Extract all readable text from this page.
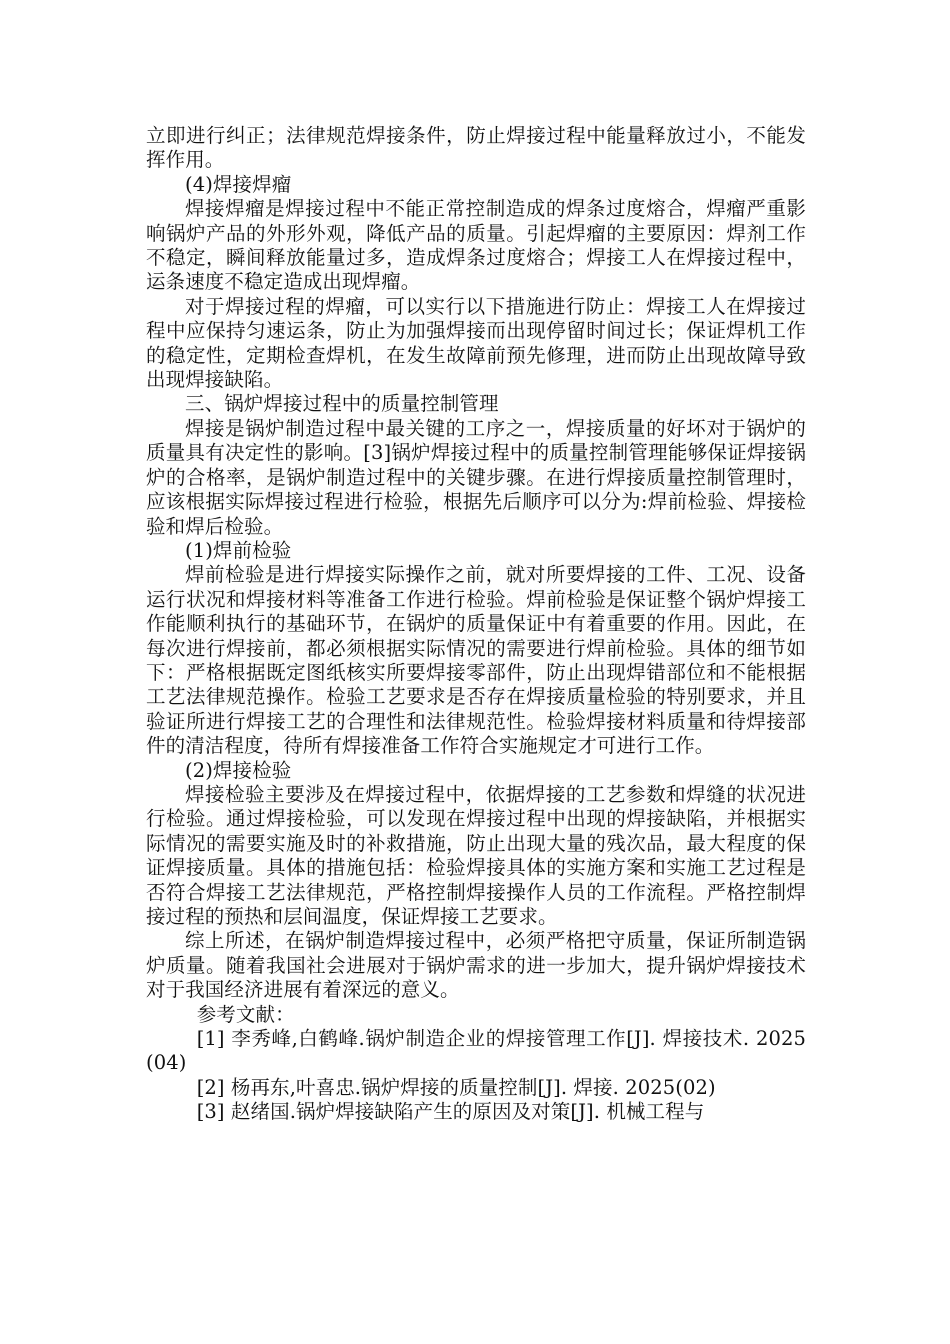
立即进行纠正；法律规范焊接条件，防止焊接过程中能量释放过小，不能发挥作用。

(4)焊接焊瘤

焊接焊瘤是焊接过程中不能正常控制造成的焊条过度熔合，焊瘤严重影响锅炉产品的外形外观，降低产品的质量。引起焊瘤的主要原因：焊剂工作不稳定，瞬间释放能量过多，造成焊条过度熔合；焊接工人在焊接过程中，运条速度不稳定造成出现焊瘤。

对于焊接过程的焊瘤，可以实行以下措施进行防止：焊接工人在焊接过程中应保持匀速运条，防止为加强焊接而出现停留时间过长；保证焊机工作的稳定性，定期检查焊机，在发生故障前预先修理，进而防止出现故障导致出现焊接缺陷。

三、锅炉焊接过程中的质量控制管理

焊接是锅炉制造过程中最关键的工序之一，焊接质量的好坏对于锅炉的质量具有决定性的影响。[3]锅炉焊接过程中的质量控制管理能够保证焊接锅炉的合格率，是锅炉制造过程中的关键步骤。在进行焊接质量控制管理时，应该根据实际焊接过程进行检验，根据先后顺序可以分为:焊前检验、焊接检验和焊后检验。

(1)焊前检验

焊前检验是进行焊接实际操作之前，就对所要焊接的工件、工况、设备运行状况和焊接材料等准备工作进行检验。焊前检验是保证整个锅炉焊接工作能顺利执行的基础环节，在锅炉的质量保证中有着重要的作用。因此，在每次进行焊接前，都必须根据实际情况的需要进行焊前检验。具体的细节如下：严格根据既定图纸核实所要焊接零部件，防止出现焊错部位和不能根据工艺法律规范操作。检验工艺要求是否存在焊接质量检验的特别要求，并且验证所进行焊接工艺的合理性和法律规范性。检验焊接材料质量和待焊接部件的清洁程度，待所有焊接准备工作符合实施规定才可进行工作。

(2)焊接检验

焊接检验主要涉及在焊接过程中，依据焊接的工艺参数和焊缝的状况进行检验。通过焊接检验，可以发现在焊接过程中出现的焊接缺陷，并根据实际情况的需要实施及时的补救措施，防止出现大量的残次品，最大程度的保证焊接质量。具体的措施包括：检验焊接具体的实施方案和实施工艺过程是否符合焊接工艺法律规范，严格控制焊接操作人员的工作流程。严格控制焊接过程的预热和层间温度，保证焊接工艺要求。

综上所述，在锅炉制造焊接过程中，必须严格把守质量，保证所制造锅炉质量。随着我国社会进展对于锅炉需求的进一步加大，提升锅炉焊接技术对于我国经济进展有着深远的意义。

参考文献：

[1] 李秀峰,白鹤峰.锅炉制造企业的焊接管理工作[J]. 焊接技术. 2025(04)

[2] 杨再东,叶喜忠.锅炉焊接的质量控制[J]. 焊接. 2025(02)

[3] 赵绪国.锅炉焊接缺陷产生的原因及对策[J]. 机械工程与
